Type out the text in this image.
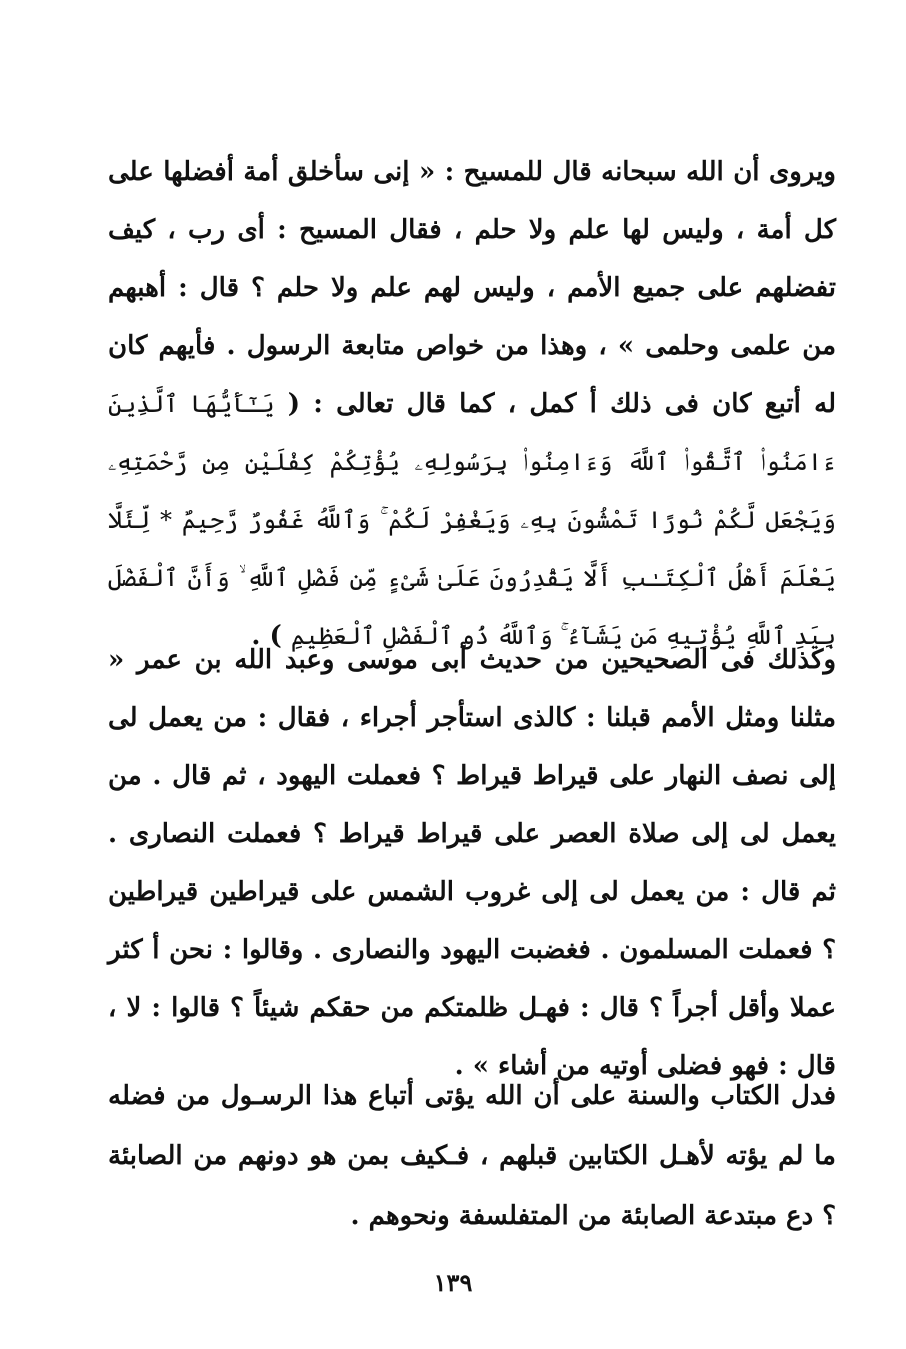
ويروى أن الله سبحانه قال للمسيح : « إنى سأخلق أمة أفضلها على كل أمة ، وليس لها علم ولا حلم ، فقال المسيح : أى رب ، كيف تفضلهم على جميع الأمم ، وليس لهم علم ولا حلم ؟ قال : أهبهم من علمى وحلمى » ، وهذا من خواص متابعة الرسول . فأيهم كان له أتبع كان فى ذلك أ كمل ، كما قال تعالى : ( يَـٰٓأَيُّهَا ٱلَّذِينَ ءَامَنُوا۟ ٱتَّقُوا۟ ٱللَّهَ وَءَامِنُوا۟ بِرَسُولِهِۦ يُؤْتِكُمْ كِفْلَيْنِ مِن رَّحْمَتِهِۦ وَيَجْعَل لَّكُمْ نُورًا تَمْشُونَ بِهِۦ وَيَغْفِرْ لَكُمْ ۚ وَٱللَّهُ غَفُورٌ رَّحِيمٌ * لِّئَلَّا يَعْلَمَ أَهْلُ ٱلْكِتَـٰبِ أَلَّا يَقْدِرُونَ عَلَىٰ شَىْءٍ مِّن فَضْلِ ٱللَّهِ ۙ وَأَنَّ ٱلْفَضْلَ بِيَدِ ٱللَّهِ يُؤْتِيهِ مَن يَشَآءُ ۚ وَٱللَّهُ ذُو ٱلْفَضْلِ ٱلْعَظِيمِ ) .

وكذلك فى الصحيحين من حديث أبى موسى وعبد الله بن عمر « مثلنا ومثل الأمم قبلنا : كالذى استأجر أجراء ، فقال : من يعمل لى إلى نصف النهار على قيراط قيراط ؟ فعملت اليهود ، ثم قال . من يعمل لى إلى صلاة العصر على قيراط قيراط ؟ فعملت النصارى . ثم قال : من يعمل لى إلى غروب الشمس على قيراطين قيراطين ؟ فعملت المسلمون . فغضبت اليهود والنصارى . وقالوا : نحن أ كثر عملا وأقل أجراً ؟ قال : فهـل ظلمتكم من حقكم شيئاً ؟ قالوا : لا ، قال : فهو فضلى أوتيه من أشاء » .

فدل الكتاب والسنة على أن الله يؤتى أتباع هذا الرسـول من فضله ما لم يؤته لأهـل الكتابين قبلهم ، فـكيف بمن هو دونهم من الصابئة ؟ دع مبتدعة الصابئة من المتفلسفة ونحوهم .

١٣٩
